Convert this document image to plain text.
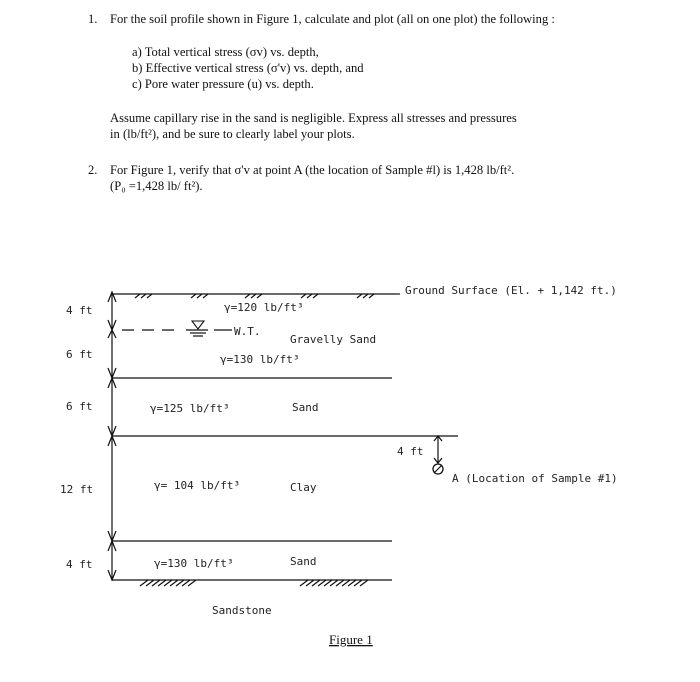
1. For the soil profile shown in Figure 1, calculate and plot (all on one plot) the following :
a) Total vertical stress (σv) vs. depth,
b) Effective vertical stress (σ'v) vs. depth, and
c) Pore water pressure (u) vs. depth.
Assume capillary rise in the sand is negligible. Express all stresses and pressures
in (lb/ft²), and be sure to clearly label your plots.
2. For Figure 1, verify that σ'v at point A (the location of Sample #l) is 1,428 lb/ft².
(P₀ =1,428 lb/ ft²).
Ground Surface (El. + 1,142 ft.)
W.T.
4 ft
6 ft
6 ft
12 ft
4 ft
γ=120 lb/ft³
γ=130 lb/ft³
γ=125 lb/ft³
γ= 104 lb/ft³
γ=130 lb/ft³
Gravelly Sand
Sand
Clay
Sand
Sandstone
4 ft
A (Location of Sample #1)
Figure 1
